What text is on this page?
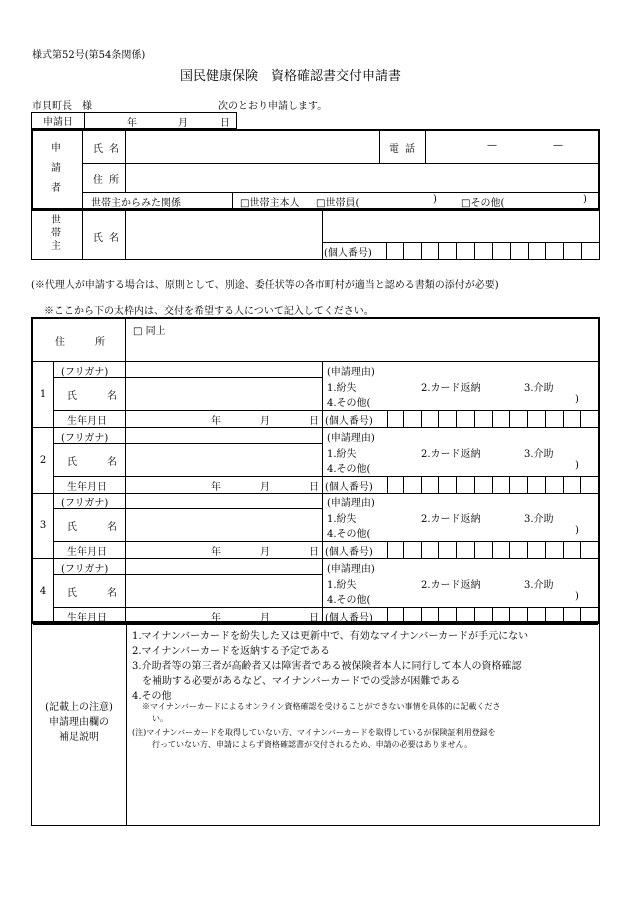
様式第52号(第54条関係)
国民健康保険　資格確認書交付申請書
市貝町長　様	次のとおり申請します。
申請日	年	月	日
申請者
氏名	電話	—	—
住所
世帯主からみた関係	□世帯主本人 □世帯員(	) □その他(	)
世帯主
氏名
(個人番号)
(※代理人が申請する場合は、原則として、別途、委任状等の各市町村が適当と認める書類の添付が必要)
※ここから下の太枠内は、交付を希望する人について記入してください。
住　所
□ 同上
1
(フリガナ)
氏　名
生年月日	年	月	日
(申請理由)
1.紛失	2.カード返納	3.介助
4.その他(	)
(個人番号)
2
(フリガナ)
氏　名
生年月日	年	月	日
(申請理由)
1.紛失	2.カード返納	3.介助
4.その他(	)
(個人番号)
3
(フリガナ)
氏　名
生年月日	年	月	日
(申請理由)
1.紛失	2.カード返納	3.介助
4.その他(	)
(個人番号)
4
(フリガナ)
氏　名
生年月日	年	月	日
(申請理由)
1.紛失	2.カード返納	3.介助
4.その他(	)
(個人番号)
(記載上の注意)
申請理由欄の
補足説明
1.マイナンバーカードを紛失した又は更新中で、有効なマイナンバーカードが手元にない
2.マイナンバーカードを返納する予定である
3.介助者等の第三者が高齢者又は障害者である被保険者本人に同行して本人の資格確認
　を補助する必要があるなど、マイナンバーカードでの受診が困難である
4.その他
※マイナンバーカードによるオンライン資格確認を受けることができない事情を具体的に記載くださ
い。
(注)マイナンバーカードを取得していない方、マイナンバーカードを取得しているが保険証利用登録を
行っていない方、申請によらず資格確認書が交付されるため、申請の必要はありません。
